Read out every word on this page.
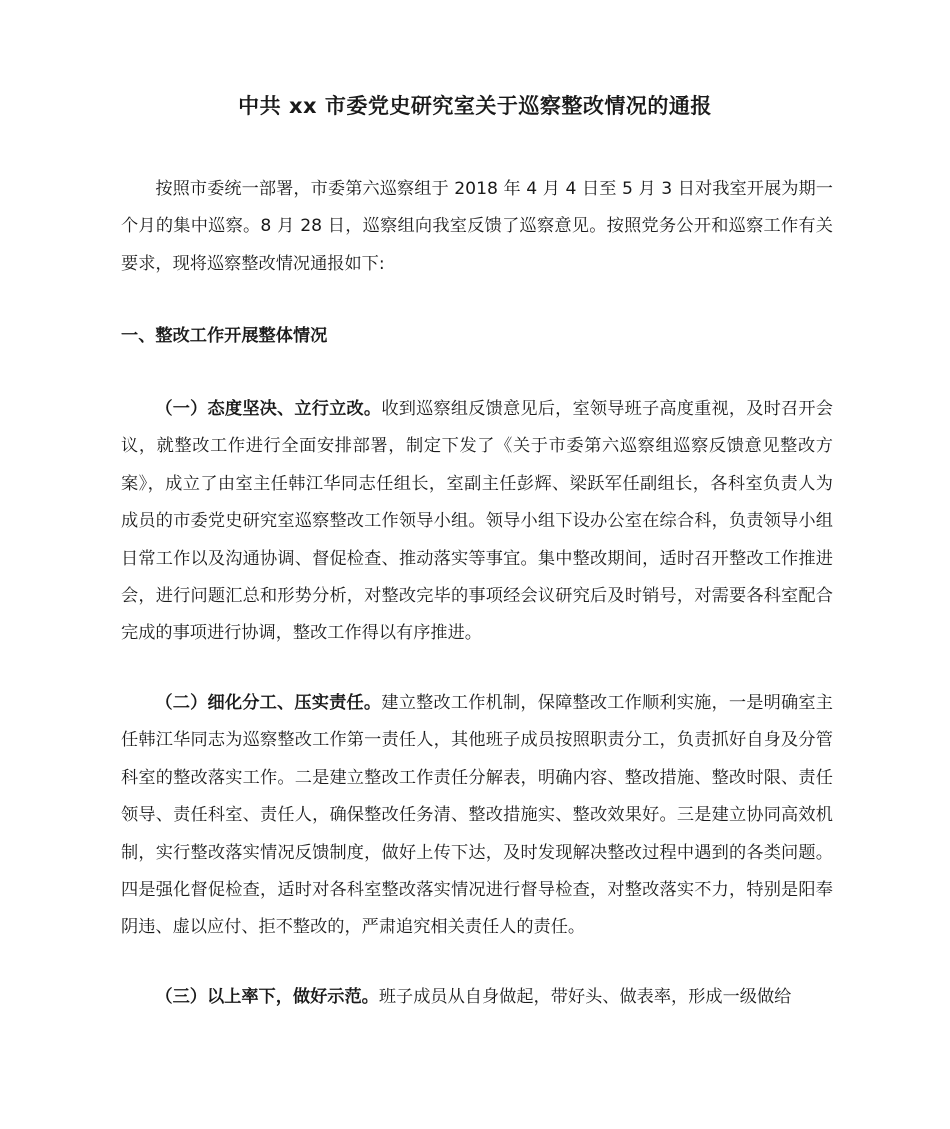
中共 xx 市委党史研究室关于巡察整改情况的通报

按照市委统一部署，市委第六巡察组于 2018 年 4 月 4 日至 5 月 3 日对我室开展为期一个月的集中巡察。8 月 28 日，巡察组向我室反馈了巡察意见。按照党务公开和巡察工作有关要求，现将巡察整改情况通报如下:

一、整改工作开展整体情况

（一）态度坚决、立行立改。收到巡察组反馈意见后，室领导班子高度重视，及时召开会议，就整改工作进行全面安排部署，制定下发了《关于市委第六巡察组巡察反馈意见整改方案》，成立了由室主任韩江华同志任组长，室副主任彭辉、梁跃军任副组长，各科室负责人为成员的市委党史研究室巡察整改工作领导小组。领导小组下设办公室在综合科，负责领导小组日常工作以及沟通协调、督促检查、推动落实等事宜。集中整改期间，适时召开整改工作推进会，进行问题汇总和形势分析，对整改完毕的事项经会议研究后及时销号，对需要各科室配合完成的事项进行协调，整改工作得以有序推进。

（二）细化分工、压实责任。建立整改工作机制，保障整改工作顺利实施，一是明确室主任韩江华同志为巡察整改工作第一责任人，其他班子成员按照职责分工，负责抓好自身及分管科室的整改落实工作。二是建立整改工作责任分解表，明确内容、整改措施、整改时限、责任领导、责任科室、责任人，确保整改任务清、整改措施实、整改效果好。三是建立协同高效机制，实行整改落实情况反馈制度，做好上传下达，及时发现解决整改过程中遇到的各类问题。四是强化督促检查，适时对各科室整改落实情况进行督导检查，对整改落实不力，特别是阳奉阴违、虚以应付、拒不整改的，严肃追究相关责任人的责任。

（三）以上率下，做好示范。班子成员从自身做起，带好头、做表率，形成一级做给
